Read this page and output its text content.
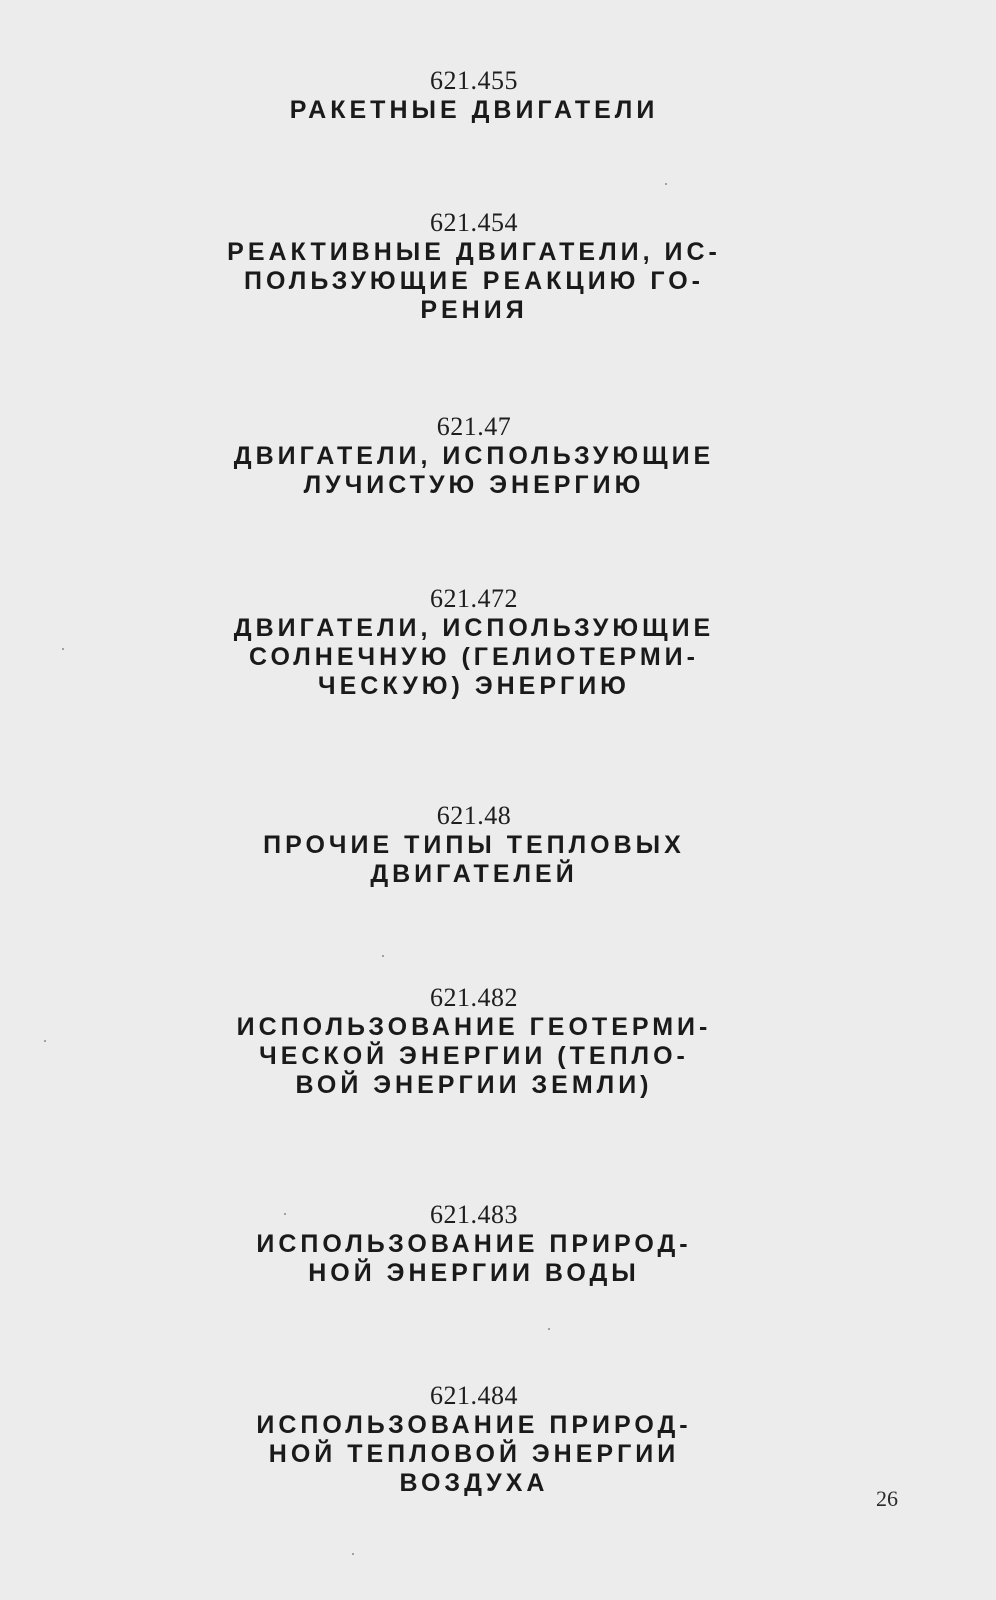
621.455
РАКЕТНЫЕ ДВИГАТЕЛИ
621.454
РЕАКТИВНЫЕ ДВИГАТЕЛИ, ИС-
ПОЛЬЗУЮЩИЕ РЕАКЦИЮ ГО-
РЕНИЯ
621.47
ДВИГАТЕЛИ, ИСПОЛЬЗУЮЩИЕ
ЛУЧИСТУЮ ЭНЕРГИЮ
621.472
ДВИГАТЕЛИ, ИСПОЛЬЗУЮЩИЕ
СОЛНЕЧНУЮ (ГЕЛИОТЕРМИ-
ЧЕСКУЮ) ЭНЕРГИЮ
621.48
ПРОЧИЕ ТИПЫ ТЕПЛОВЫХ
ДВИГАТЕЛЕЙ
621.482
ИСПОЛЬЗОВАНИЕ ГЕОТЕРМИ-
ЧЕСКОЙ ЭНЕРГИИ (ТЕПЛО-
ВОЙ ЭНЕРГИИ ЗЕМЛИ)
621.483
ИСПОЛЬЗОВАНИЕ ПРИРОД-
НОЙ ЭНЕРГИИ ВОДЫ
621.484
ИСПОЛЬЗОВАНИЕ ПРИРОД-
НОЙ ТЕПЛОВОЙ ЭНЕРГИИ
ВОЗДУХА
26
